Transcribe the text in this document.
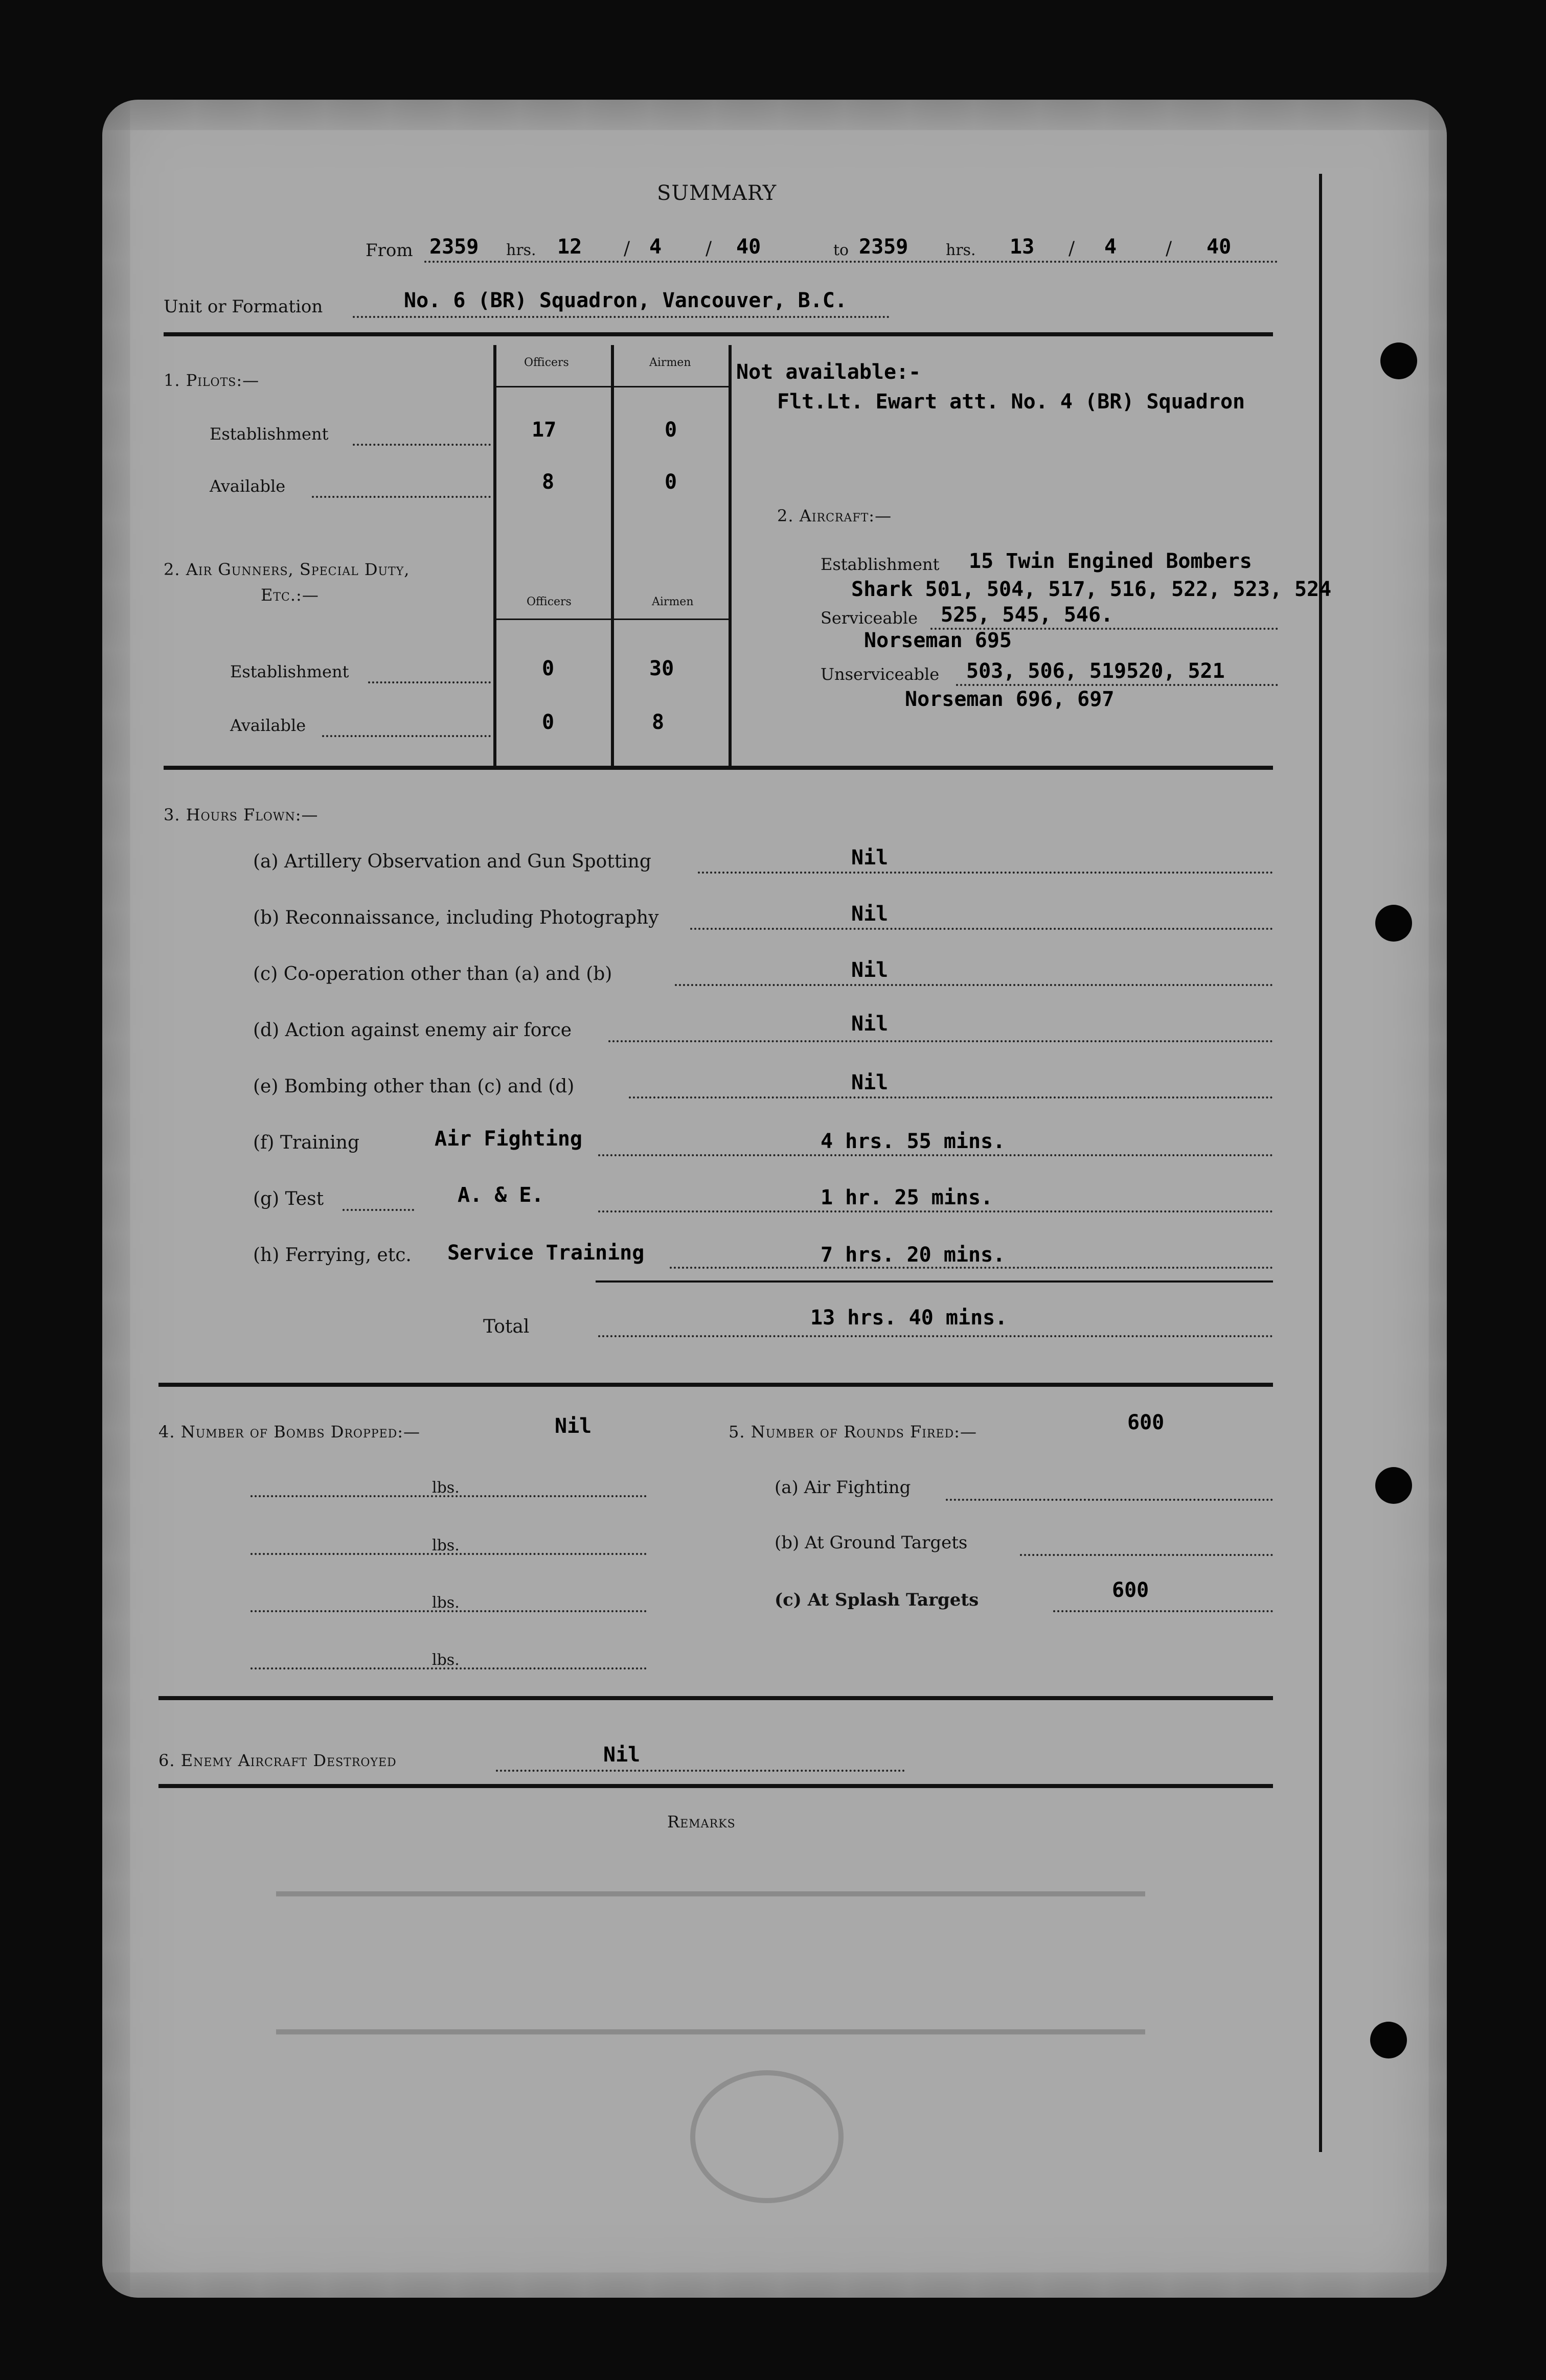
SUMMARY
From 2359 hrs. 12 / 4 / 40	to 2359 hrs. 13 / 4	/ 40
Unit or Formation	No. 6 (BR) Squadron, Vancouver, B.C.
1. Pilots:—
Officers	Airmen
Establishment	17	0
Available	8	0
2. Air Gunners, Special Duty,
Etc.:—	Officers	Airmen
Establishment	0	30
Available	0	8
Not available:-
Flt.Lt. Ewart att. No. 4 (BR) Squadron
2. Aircraft:—
Establishment 15 Twin Engined Bombers
Shark 501, 504, 517, 516, 522, 523, 524
Serviceable 525, 545, 546.
Norseman 695
Unserviceable 503, 506, 519520, 521
Norseman 696, 697
3. Hours Flown:—
(a) Artillery Observation and Gun Spotting	Nil
(b) Reconnaissance, including Photography	Nil
(c) Co-operation other than (a) and (b)	Nil
(d) Action against enemy air force	Nil
(e) Bombing other than (c) and (d)	Nil
(f) Training	Air Fighting	4 hrs. 55 mins.
(g) Test	A. & E.	1 hr. 25 mins.
(h) Ferrying, etc. Service Training	7 hrs. 20 mins.
Total	13 hrs. 40 mins.
4. Number of Bombs Dropped:—	Nil
lbs.
lbs.
lbs.
lbs.
5. Number of Rounds Fired:—	600
(a) Air Fighting
(b) At Ground Targets
(c) At Splash Targets	600
6. Enemy Aircraft Destroyed	Nil
Remarks
